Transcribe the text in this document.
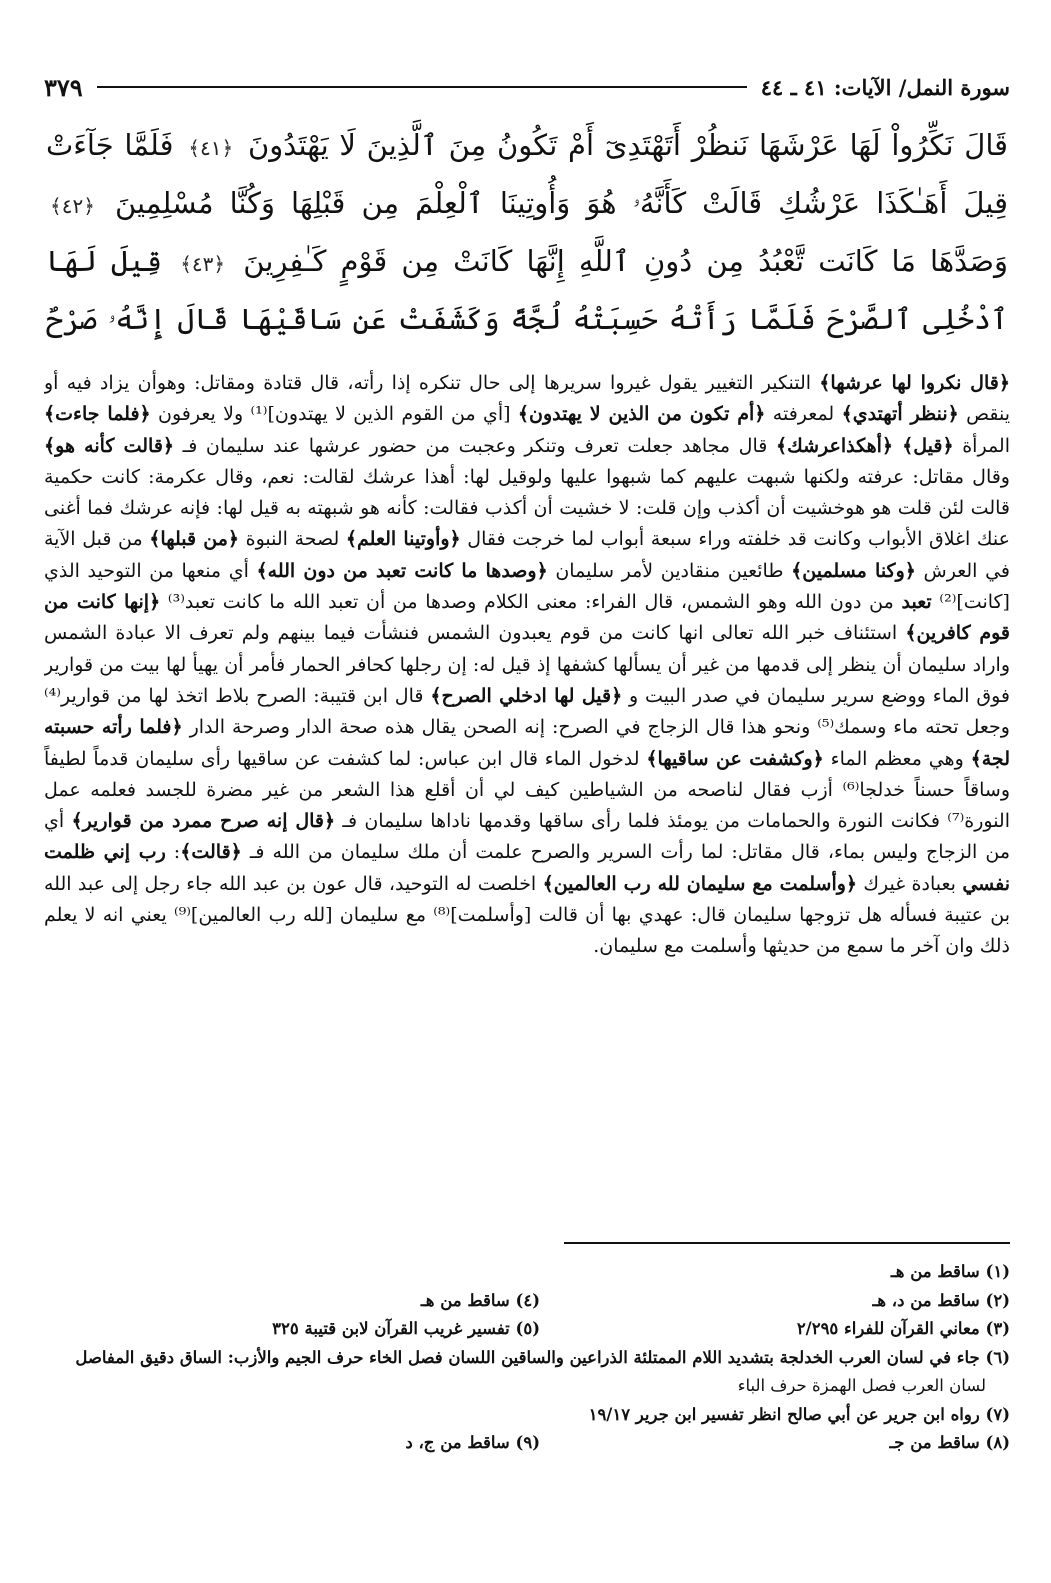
سورة النمل/ الآيات: ٤١ ـ ٤٤
٣٧٩
قَالَ نَكِّرُواْ لَهَا عَرْشَهَا نَنظُرْ أَتَهْتَدِىٓ أَمْ تَكُونُ مِنَ ٱلَّذِينَ لَا يَهْتَدُونَ ﴿٤١﴾ فَلَمَّا جَآءَتْ قِيلَ أَهَـٰكَذَا عَرْشُكِ قَالَتْ كَأَنَّهُۥ هُوَ وَأُوتِينَا ٱلْعِلْمَ مِن قَبْلِهَا وَكُنَّا مُسْلِمِينَ ﴿٤٢﴾ وَصَدَّهَا مَا كَانَت تَّعْبُدُ مِن دُونِ ٱللَّهِ إِنَّهَا كَانَتْ مِن قَوْمٍ كَـٰفِرِينَ ﴿٤٣﴾ قِيلَ لَهَا ٱدْخُلِى ٱلصَّرْحَ فَلَمَّا رَأَتْهُ حَسِبَتْهُ لُجَّةً وَكَشَفَتْ عَن سَاقَيْهَا قَالَ إِنَّهُۥ صَرْحٌ
﴿قال نكروا لها عرشها﴾ التنكير التغيير يقول غيروا سريرها إلى حال تنكره إذا رأته، قال قتادة ومقاتل: وهوأن يزاد فيه أو ينقص ﴿ننظر أتهتدي﴾ لمعرفته ﴿أم تكون من الذين لا يهتدون﴾ [أي من القوم الذين لا يهتدون]⁽¹⁾ ولا يعرفون ﴿فلما جاءت﴾ المرأة ﴿قيل﴾ ﴿أهكذاعرشك﴾ قال مجاهد جعلت تعرف وتنكر وعجبت من حضور عرشها عند سليمان فـ ﴿قالت كأنه هو﴾ وقال مقاتل: عرفته ولكنها شبهت عليهم كما شبهوا عليها ولوقيل لها: أهذا عرشك لقالت: نعم، وقال عكرمة: كانت حكمية قالت لئن قلت هو هوخشيت أن أكذب وإن قلت: لا خشيت أن أكذب فقالت: كأنه هو شبهته به قيل لها: فإنه عرشك فما أغنى عنك اغلاق الأبواب وكانت قد خلفته وراء سبعة أبواب لما خرجت فقال ﴿وأوتينا العلم﴾ لصحة النبوة ﴿من قبلها﴾ من قبل الآية في العرش ﴿وكنا مسلمين﴾ طائعين منقادين لأمر سليمان ﴿وصدها ما كانت تعبد من دون الله﴾ أي منعها من التوحيد الذي [كانت]⁽²⁾ تعبد من دون الله وهو الشمس، قال الفراء: معنى الكلام وصدها من أن تعبد الله ما كانت تعبد⁽³⁾ ﴿إنها كانت من قوم كافرين﴾ استئناف خبر الله تعالى انها كانت من قوم يعبدون الشمس فنشأت فيما بينهم ولم تعرف الا عبادة الشمس واراد سليمان أن ينظر إلى قدمها من غير أن يسألها كشفها إذ قيل له: إن رجلها كحافر الحمار فأمر أن يهيأ لها بيت من قوارير فوق الماء ووضع سرير سليمان في صدر البيت و ﴿قيل لها ادخلي الصرح﴾ قال ابن قتيبة: الصرح بلاط اتخذ لها من قوارير⁽⁴⁾ وجعل تحته ماء وسمك⁽⁵⁾ ونحو هذا قال الزجاج في الصرح: إنه الصحن يقال هذه صحة الدار وصرحة الدار ﴿فلما رأته حسبته لجة﴾ وهي معظم الماء ﴿وكشفت عن ساقيها﴾ لدخول الماء قال ابن عباس: لما كشفت عن ساقيها رأى سليمان قدماً لطيفاً وساقاً حسناً خدلجا⁽⁶⁾ أزب فقال لناصحه من الشياطين كيف لي أن أقلع هذا الشعر من غير مضرة للجسد فعلمه عمل النورة⁽⁷⁾ فكانت النورة والحمامات من يومئذ فلما رأى ساقها وقدمها ناداها سليمان فـ ﴿قال إنه صرح ممرد من قوارير﴾ أي من الزجاج وليس بماء، قال مقاتل: لما رأت السرير والصرح علمت أن ملك سليمان من الله فـ ﴿قالت﴾: رب إني ظلمت نفسي بعبادة غيرك ﴿وأسلمت مع سليمان لله رب العالمين﴾ اخلصت له التوحيد، قال عون بن عبد الله جاء رجل إلى عبد الله بن عتيبة فسأله هل تزوجها سليمان قال: عهدي بها أن قالت [وأسلمت]⁽⁸⁾ مع سليمان [لله رب العالمين]⁽⁹⁾ يعني انه لا يعلم ذلك وان آخر ما سمع من حديثها وأسلمت مع سليمان.
(١) ساقط من هـ
(٢) ساقط من د، هـ
(٤) ساقط من هـ
(٣) معاني القرآن للفراء ٢/٢٩٥
(٥) تفسير غريب القرآن لابن قتيبة ٣٢٥
(٦) جاء في لسان العرب الخدلجة بتشديد اللام الممتلئة الذراعين والساقين اللسان فصل الخاء حرف الجيم والأزب: الساق دقيق المفاصل
لسان العرب فصل الهمزة حرف الباء
(٧) رواه ابن جرير عن أبي صالح انظر تفسير ابن جرير ١٩/١٧
(٨) ساقط من جـ
(٩) ساقط من ج، د
